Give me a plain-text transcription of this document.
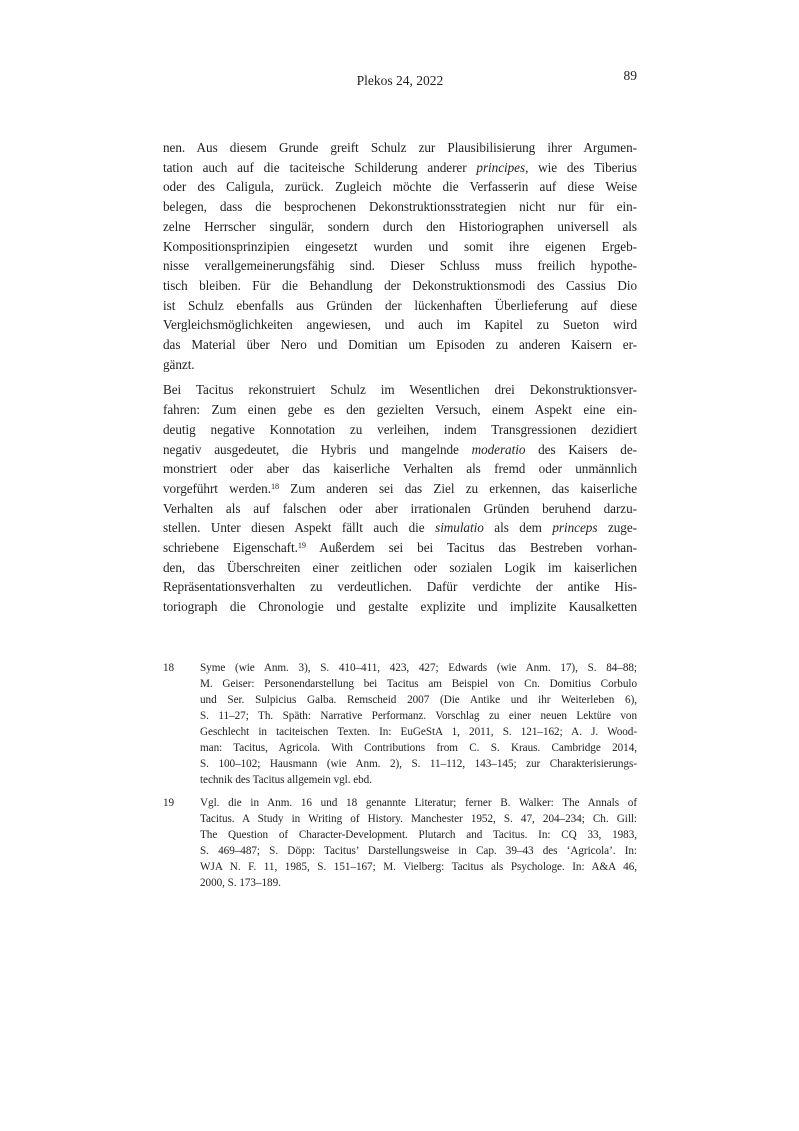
Plekos 24, 2022	89
nen. Aus diesem Grunde greift Schulz zur Plausibilisierung ihrer Argumen-
tation auch auf die taciteische Schilderung anderer principes, wie des Tiberius
oder des Caligula, zurück. Zugleich möchte die Verfasserin auf diese Weise
belegen, dass die besprochenen Dekonstruktionsstrategien nicht nur für ein-
zelne Herrscher singulär, sondern durch den Historiographen universell als
Kompositionsprinzipien eingesetzt wurden und somit ihre eigenen Ergeb-
nisse verallgemeinerungsfähig sind. Dieser Schluss muss freilich hypothe-
tisch bleiben. Für die Behandlung der Dekonstruktionsmodi des Cassius Dio
ist Schulz ebenfalls aus Gründen der lückenhaften Überlieferung auf diese
Vergleichsmöglichkeiten angewiesen, und auch im Kapitel zu Sueton wird
das Material über Nero und Domitian um Episoden zu anderen Kaisern er-
gänzt.
Bei Tacitus rekonstruiert Schulz im Wesentlichen drei Dekonstruktionsver-
fahren: Zum einen gebe es den gezielten Versuch, einem Aspekt eine ein-
deutig negative Konnotation zu verleihen, indem Transgressionen dezidiert
negativ ausgedeutet, die Hybris und mangelnde moderatio des Kaisers de-
monstriert oder aber das kaiserliche Verhalten als fremd oder unmännlich
vorgeführt werden.$^{18}$ Zum anderen sei das Ziel zu erkennen, das kaiserliche
Verhalten als auf falschen oder aber irrationalen Gründen beruhend darzu-
stellen. Unter diesen Aspekt fällt auch die simulatio als dem princeps zuge-
schriebene Eigenschaft.$^{19}$ Außerdem sei bei Tacitus das Bestreben vorhan-
den, das Überschreiten einer zeitlichen oder sozialen Logik im kaiserlichen
Repräsentationsverhalten zu verdeutlichen. Dafür verdichte der antike His-
toriograph die Chronologie und gestalte explizite und implizite Kausalketten
18	Syme (wie Anm. 3), S. 410–411, 423, 427; Edwards (wie Anm. 17), S. 84–88;
M. Geiser: Personendarstellung bei Tacitus am Beispiel von Cn. Domitius Corbulo
und Ser. Sulpicius Galba. Remscheid 2007 (Die Antike und ihr Weiterleben 6),
S. 11–27; Th. Späth: Narrative Performanz. Vorschlag zu einer neuen Lektüre von
Geschlecht in taciteischen Texten. In: EuGeStA 1, 2011, S. 121–162; A. J. Wood-
man: Tacitus, Agricola. With Contributions from C. S. Kraus. Cambridge 2014,
S. 100–102; Hausmann (wie Anm. 2), S. 11–112, 143–145; zur Charakterisierungs-
technik des Tacitus allgemein vgl. ebd.
19	Vgl. die in Anm. 16 und 18 genannte Literatur; ferner B. Walker: The Annals of
Tacitus. A Study in Writing of History. Manchester 1952, S. 47, 204–234; Ch. Gill:
The Question of Character-Development. Plutarch and Tacitus. In: CQ 33, 1983,
S. 469–487; S. Döpp: Tacitus’ Darstellungsweise in Cap. 39–43 des ‘Agricola’. In:
WJA N. F. 11, 1985, S. 151–167; M. Vielberg: Tacitus als Psychologe. In: A&A 46,
2000, S. 173–189.
